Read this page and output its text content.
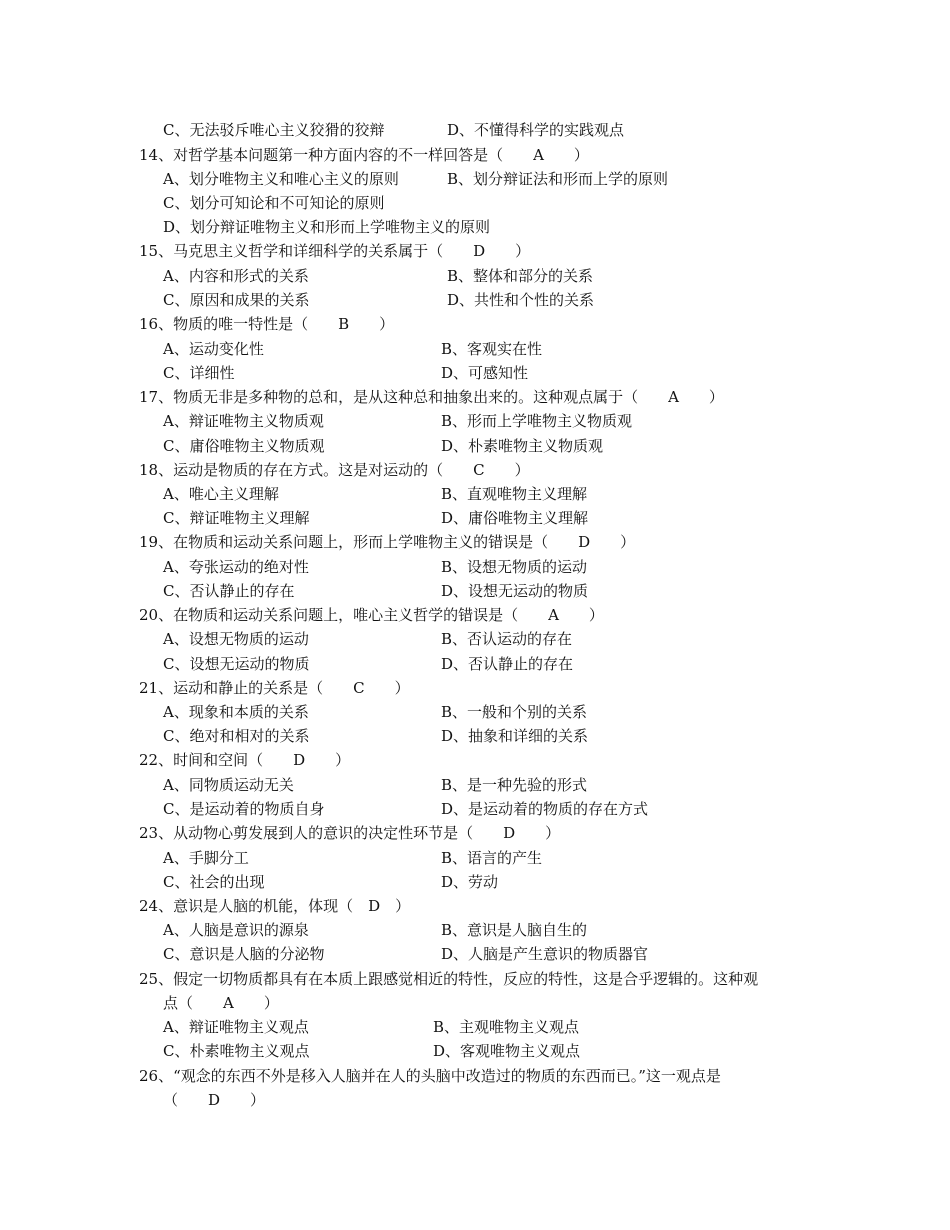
C、无法驳斥唯心主义狡猾的狡辩	D、不懂得科学的实践观点
14、对哲学基本问题第一种方面内容的不一样回答是（　　A　　）
A、划分唯物主义和唯心主义的原则	B、划分辩证法和形而上学的原则
C、划分可知论和不可知论的原则
D、划分辩证唯物主义和形而上学唯物主义的原则
15、马克思主义哲学和详细科学的关系属于（　　D　　）
A、内容和形式的关系	B、整体和部分的关系
C、原因和成果的关系	D、共性和个性的关系
16、物质的唯一特性是（　　B　　）
A、运动变化性	B、客观实在性
C、详细性	D、可感知性
17、物质无非是多种物的总和，是从这种总和抽象出来的。这种观点属于（　　A　　）
A、辩证唯物主义物质观	B、形而上学唯物主义物质观
C、庸俗唯物主义物质观	D、朴素唯物主义物质观
18、运动是物质的存在方式。这是对运动的（　　C　　）
A、唯心主义理解	B、直观唯物主义理解
C、辩证唯物主义理解	D、庸俗唯物主义理解
19、在物质和运动关系问题上，形而上学唯物主义的错误是（　　D　　）
A、夸张运动的绝对性	B、设想无物质的运动
C、否认静止的存在	D、设想无运动的物质
20、在物质和运动关系问题上，唯心主义哲学的错误是（　　A　　）
A、设想无物质的运动	B、否认运动的存在
C、设想无运动的物质	D、否认静止的存在
21、运动和静止的关系是（　　C　　）
A、现象和本质的关系	B、一般和个别的关系
C、绝对和相对的关系	D、抽象和详细的关系
22、时间和空间（　　D　　）
A、同物质运动无关	B、是一种先验的形式
C、是运动着的物质自身	D、是运动着的物质的存在方式
23、从动物心剪发展到人的意识的决定性环节是（　　D　　）
A、手脚分工	B、语言的产生
C、社会的出现	D、劳动
24、意识是人脑的机能，体现（　D　）
A、人脑是意识的源泉	B、意识是人脑自生的
C、意识是人脑的分泌物	D、人脑是产生意识的物质器官
25、假定一切物质都具有在本质上跟感觉相近的特性，反应的特性，这是合乎逻辑的。这种观
点（　　A　　）
A、辩证唯物主义观点	B、主观唯物主义观点
C、朴素唯物主义观点	D、客观唯物主义观点
26、“观念的东西不外是移入人脑并在人的头脑中改造过的物质的东西而已。”这一观点是
（　　D　　）
